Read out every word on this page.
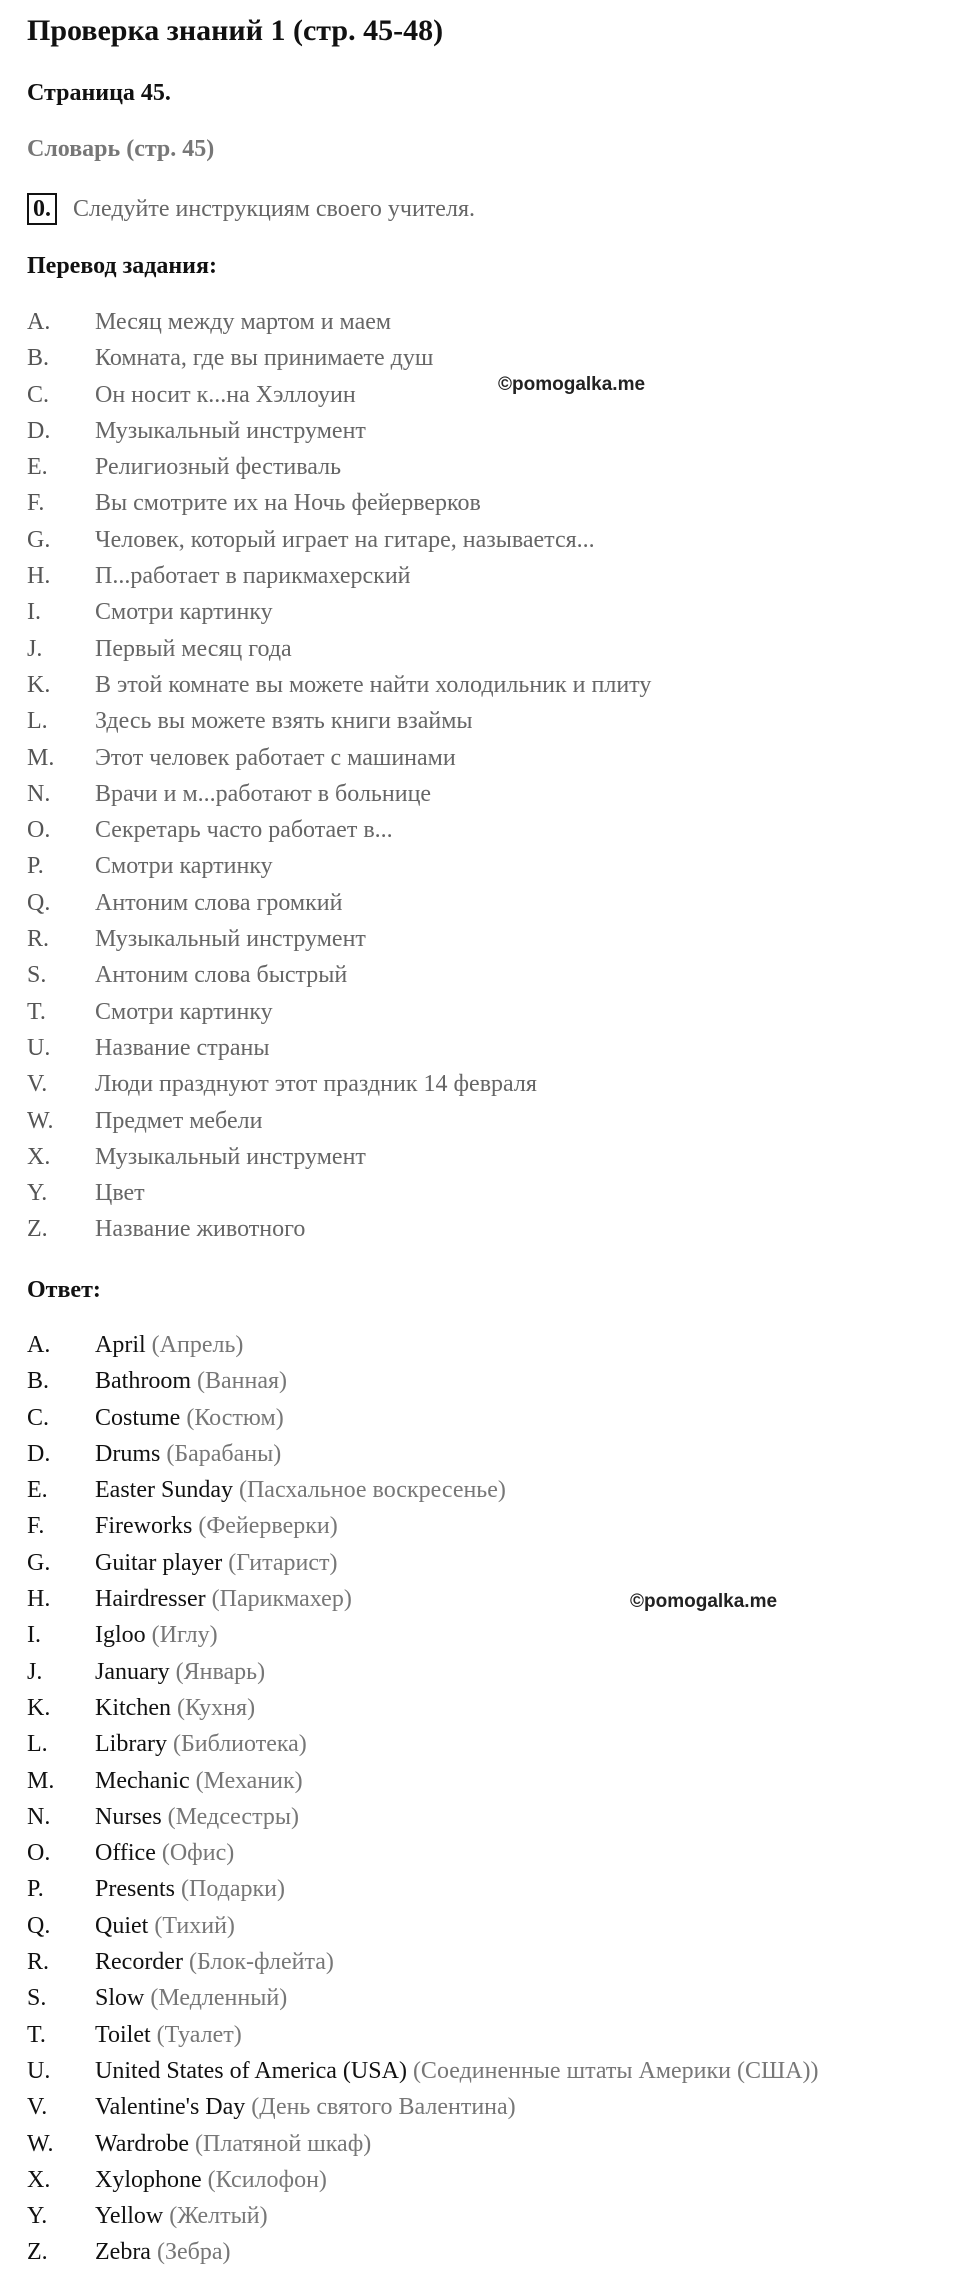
Проверка знаний 1 (стр. 45-48)
Страница 45.
Словарь (стр. 45)
0. Следуйте инструкциям своего учителя.
Перевод задания:
A. Месяц между мартом и маем
B. Комната, где вы принимаете душ
C. Он носит к...на Хэллоуин
D. Музыкальный инструмент
E. Религиозный фестиваль
F. Вы смотрите их на Ночь фейерверков
G. Человек, который играет на гитаре, называется...
H. П...работает в парикмахерский
I. Смотри картинку
J. Первый месяц года
K. В этой комнате вы можете найти холодильник и плиту
L. Здесь вы можете взять книги взаймы
M. Этот человек работает с машинами
N. Врачи и м...работают в больнице
O. Секретарь часто работает в...
P. Смотри картинку
Q. Антоним слова громкий
R. Музыкальный инструмент
S. Антоним слова быстрый
T. Смотри картинку
U. Название страны
V. Люди празднуют этот праздник 14 февраля
W. Предмет мебели
X. Музыкальный инструмент
Y. Цвет
Z. Название животного
©pomogalka.me
Ответ:
A. April (Апрель)
B. Bathroom (Ванная)
C. Costume (Костюм)
D. Drums (Барабаны)
E. Easter Sunday (Пасхальное воскресенье)
F. Fireworks (Фейерверки)
G. Guitar player (Гитарист)
H. Hairdresser (Парикмахер)
I. Igloo (Иглу)
J. January (Январь)
K. Kitchen (Кухня)
L. Library (Библиотека)
M. Mechanic (Механик)
N. Nurses (Медсестры)
O. Office (Офис)
P. Presents (Подарки)
Q. Quiet (Тихий)
R. Recorder (Блок-флейта)
S. Slow (Медленный)
T. Toilet (Туалет)
U. United States of America (USA) (Соединенные штаты Америки (США))
V. Valentine's Day (День святого Валентина)
W. Wardrobe (Платяной шкаф)
X. Xylophone (Ксилофон)
Y. Yellow (Желтый)
Z. Zebra (Зебра)
©pomogalka.me
